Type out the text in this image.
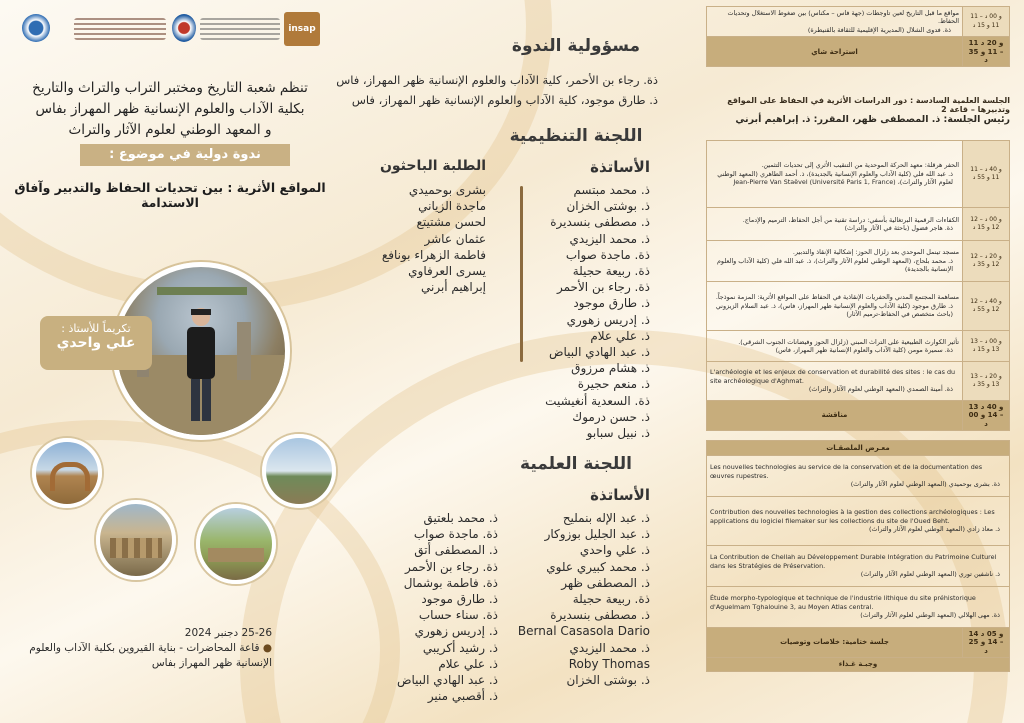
insap
تنظم شعبة التاريخ ومختبر التراب والتراث والتاريخ
بكلية الآداب والعلوم الإنسانية ظهر المهراز بفاس
و المعهد الوطني لعلوم الآثار والتراث
ندوة دولية في موضوع :
المواقع الأثرية : بين تحديات الحفاظ والتدبير وآفاق الاستدامة
تكريماً للأستاذ :
علي واحدي
مسؤولية الندوة
ذة. رجاء بن الأحمر، كلية الآداب والعلوم الإنسانية ظهر المهراز، فاس
ذ. طارق موجود، كلية الآداب والعلوم الإنسانية ظهر المهراز، فاس
اللجنة التنظيمية
الأساتذة
الطلبة الباحثون
ذ. محمد مبتسم
ذ. بوشتى الخزان
ذ. مصطفى بنسديرة
ذ. محمد اليزيدي
ذة. ماجدة صواب
ذة. ربيعة حجيلة
ذة. رجاء بن الأحمر
ذ. طارق موجود
ذ. إدريس زهوري
ذ. علي علام
ذ. عبد الهادي البياض
ذ. هشام مرزوق
ذ. منعم حجيرة
ذة. السعدية أنغيشيت
ذ. حسن درموك
ذ. نبيل سبابو
بشرى بوحميدي
ماجدة الزياني
لحسن مشتيتع
عثمان عاشر
فاطمة الزهراء بونافع
يسرى العرفاوي
إبراهيم أبرني
اللجنة العلمية
الأساتذة
ذ. عبد الإله بنمليح
ذ. عبد الجليل بوزوكار
ذ. علي واحدي
ذ. محمد كبيري علوي
ذ. المصطفى ظهر
ذة. ربيعة حجيلة
ذ. مصطفى بنسديرة
Bernal Casasola Dario
ذ. محمد اليزيدي
Roby Thomas
ذ. بوشتى الخزان
ذ. محمد بلعتيق
ذة. ماجدة صواب
ذ. المصطفى أتق
ذة. رجاء بن الأحمر
ذة. فاطمة بوشمال
ذ. طارق موجود
ذة. سناء حساب
ذ. إدريس زهوري
ذ. رشيد أكريبي
ذ. علي علام
ذ. عبد الهادي البياض
ذ. أقصبي منير
25-26 دجنبر 2024
● قاعة المحاضرات - بناية القيروين بكلية الآداب والعلوم الإنسانية ظهر المهراز بفاس
مواقع ما قبل التاريخ لعين تاوجطات (جهة فاس – مكناس) بين ضغوط الاستغلال وتحديات الحفاظ.
ذة. فدوى الشلال (المديرية الإقليمية للثقافة بالقنيطرة)	11 و 00 د – 11 و 15 د
استراحة شاي	11 و 20 د – 11 و 35 د
الجلسة العلمية السادسة : دور الدراسات الأثرية في الحفاظ على المواقع وتدبيرها – قاعة 2
رئيس الجلسة: ذ. المصطفى ظهر، المقرر: ذ. إبراهيم أبرني
الحفر هرقلة: معهد الحركة الموحدية من التنقيب الأثري إلى تحديات التثمين.
ذ. عبد الله فلي (كلية الآداب والعلوم الإنسانية بالجديدة)، ذ. أحمد الطاهري (المعهد الوطني لعلوم الآثار والتراث)، Jean-Pierre Van Staëvel (Université Paris 1, France)	11 و 40 د – 11 و 55 د

الكفاءات الرقمية البرتغالية بأسفي: دراسة تقنية من أجل الحفاظ، الترميم والإدماج.
ذة. هاجر فضول (باحثة في الآثار والتراث)	12 و 00 د – 12 و 15 د

مسجد تينمل الموحدي بعد زلزال الحوز: إشكالية الإنقاذ والتدبير.
ذ. محمد بلحاج، (المعهد الوطني لعلوم الآثار والتراث)، ذ. عبد الله فلي (كلية الآداب والعلوم الإنسانية بالجديدة)	12 و 20 د – 12 و 35 د

مساهمة المجتمع المدني والحفريات الإنقاذية في الحفاظ على المواقع الأثرية: المزمة نموذجاً.
ذ. طارق موجود (كلية الآداب والعلوم الإنسانية ظهر المهراز، فاس)، ذ. عبد السلام الزيزوني (باحث متخصص في الحفاظ-ترميم الآثار)	12 و 40 د – 12 و 55 د

تأثير الكوارث الطبيعية على التراث المبني (زلزال الحوز وفيضانات الجنوب الشرقي).
ذة. سميرة مومن (كلية الآداب والعلوم الإنسانية ظهر المهراز، فاس)	13 و 00 د – 13 و 15 د

L'archéologie et les enjeux de conservation et durabilité des sites : le cas du site archéologique d'Aghmat.
ذة. أمينة الصمدي (المعهد الوطني لعلوم الآثار والتراث)	13 و 20 د – 13 و 35 د
مناقشة	13 و 40 د – 14 و 00 د
معـرض الملصقـات

Les nouvelles technologies au service de la conservation et de la documentation des œuvres rupestres.
ذة. بشرى بوحميدي (المعهد الوطني لعلوم الآثار والتراث)

Contribution des nouvelles technologies à la gestion des collections archéologiques : Les applications du logiciel filemaker sur les collections du site de l'Oued Beht.
ذ. معاذ زادي (المعهد الوطني لعلوم الآثار والتراث)

La Contribution de Chellah au Développement Durable Intégration du Patrimoine Culturel dans les Stratégies de Préservation.
ذ. ناشفين توري (المعهد الوطني لعلوم الآثار والتراث)

Étude morpho-typologique et technique de l'industrie lithique du site préhistorique d'Aguelmam Tghalouine 3, au Moyen Atlas central.
ذة. مهى الهلالي (المعهد الوطني لعلوم الآثار والتراث)

جلسة ختامية: خلاصات وتوصيات	14 و 05 د – 14 و 25 د
وجبـة غـذاء
